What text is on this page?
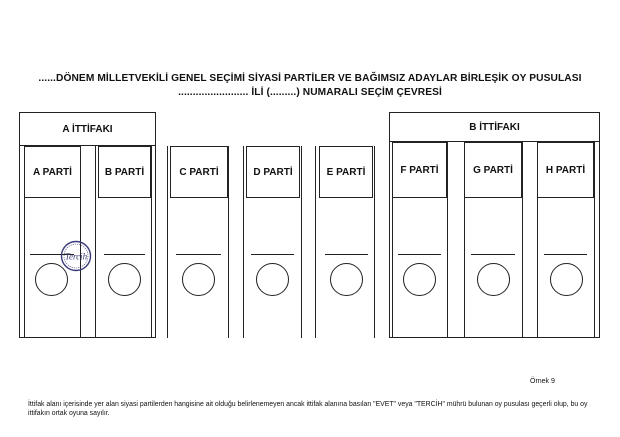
......DÖNEM MİLLETVEKİLİ GENEL SEÇİMİ SİYASİ PARTİLER VE BAĞIMSIZ ADAYLAR BİRLEŞİK OY PUSULASI
........................ İLİ (.........) NUMARALI SEÇİM ÇEVRESİ
A İTTİFAKI	B İTTİFAKI
A PARTİ	B PARTİ	C PARTİ	D PARTİ	E PARTİ	F PARTİ	G PARTİ	H PARTİ
Tercih
Örnek 9
İttifak alanı içerisinde yer alan siyasi partilerden hangisine ait olduğu belirlenemeyen ancak ittifak alanına basılan "EVET" veya "TERCİH" mührü bulunan oy pusulası geçerli olup, bu oy ittifakın ortak oyuna sayılır.
